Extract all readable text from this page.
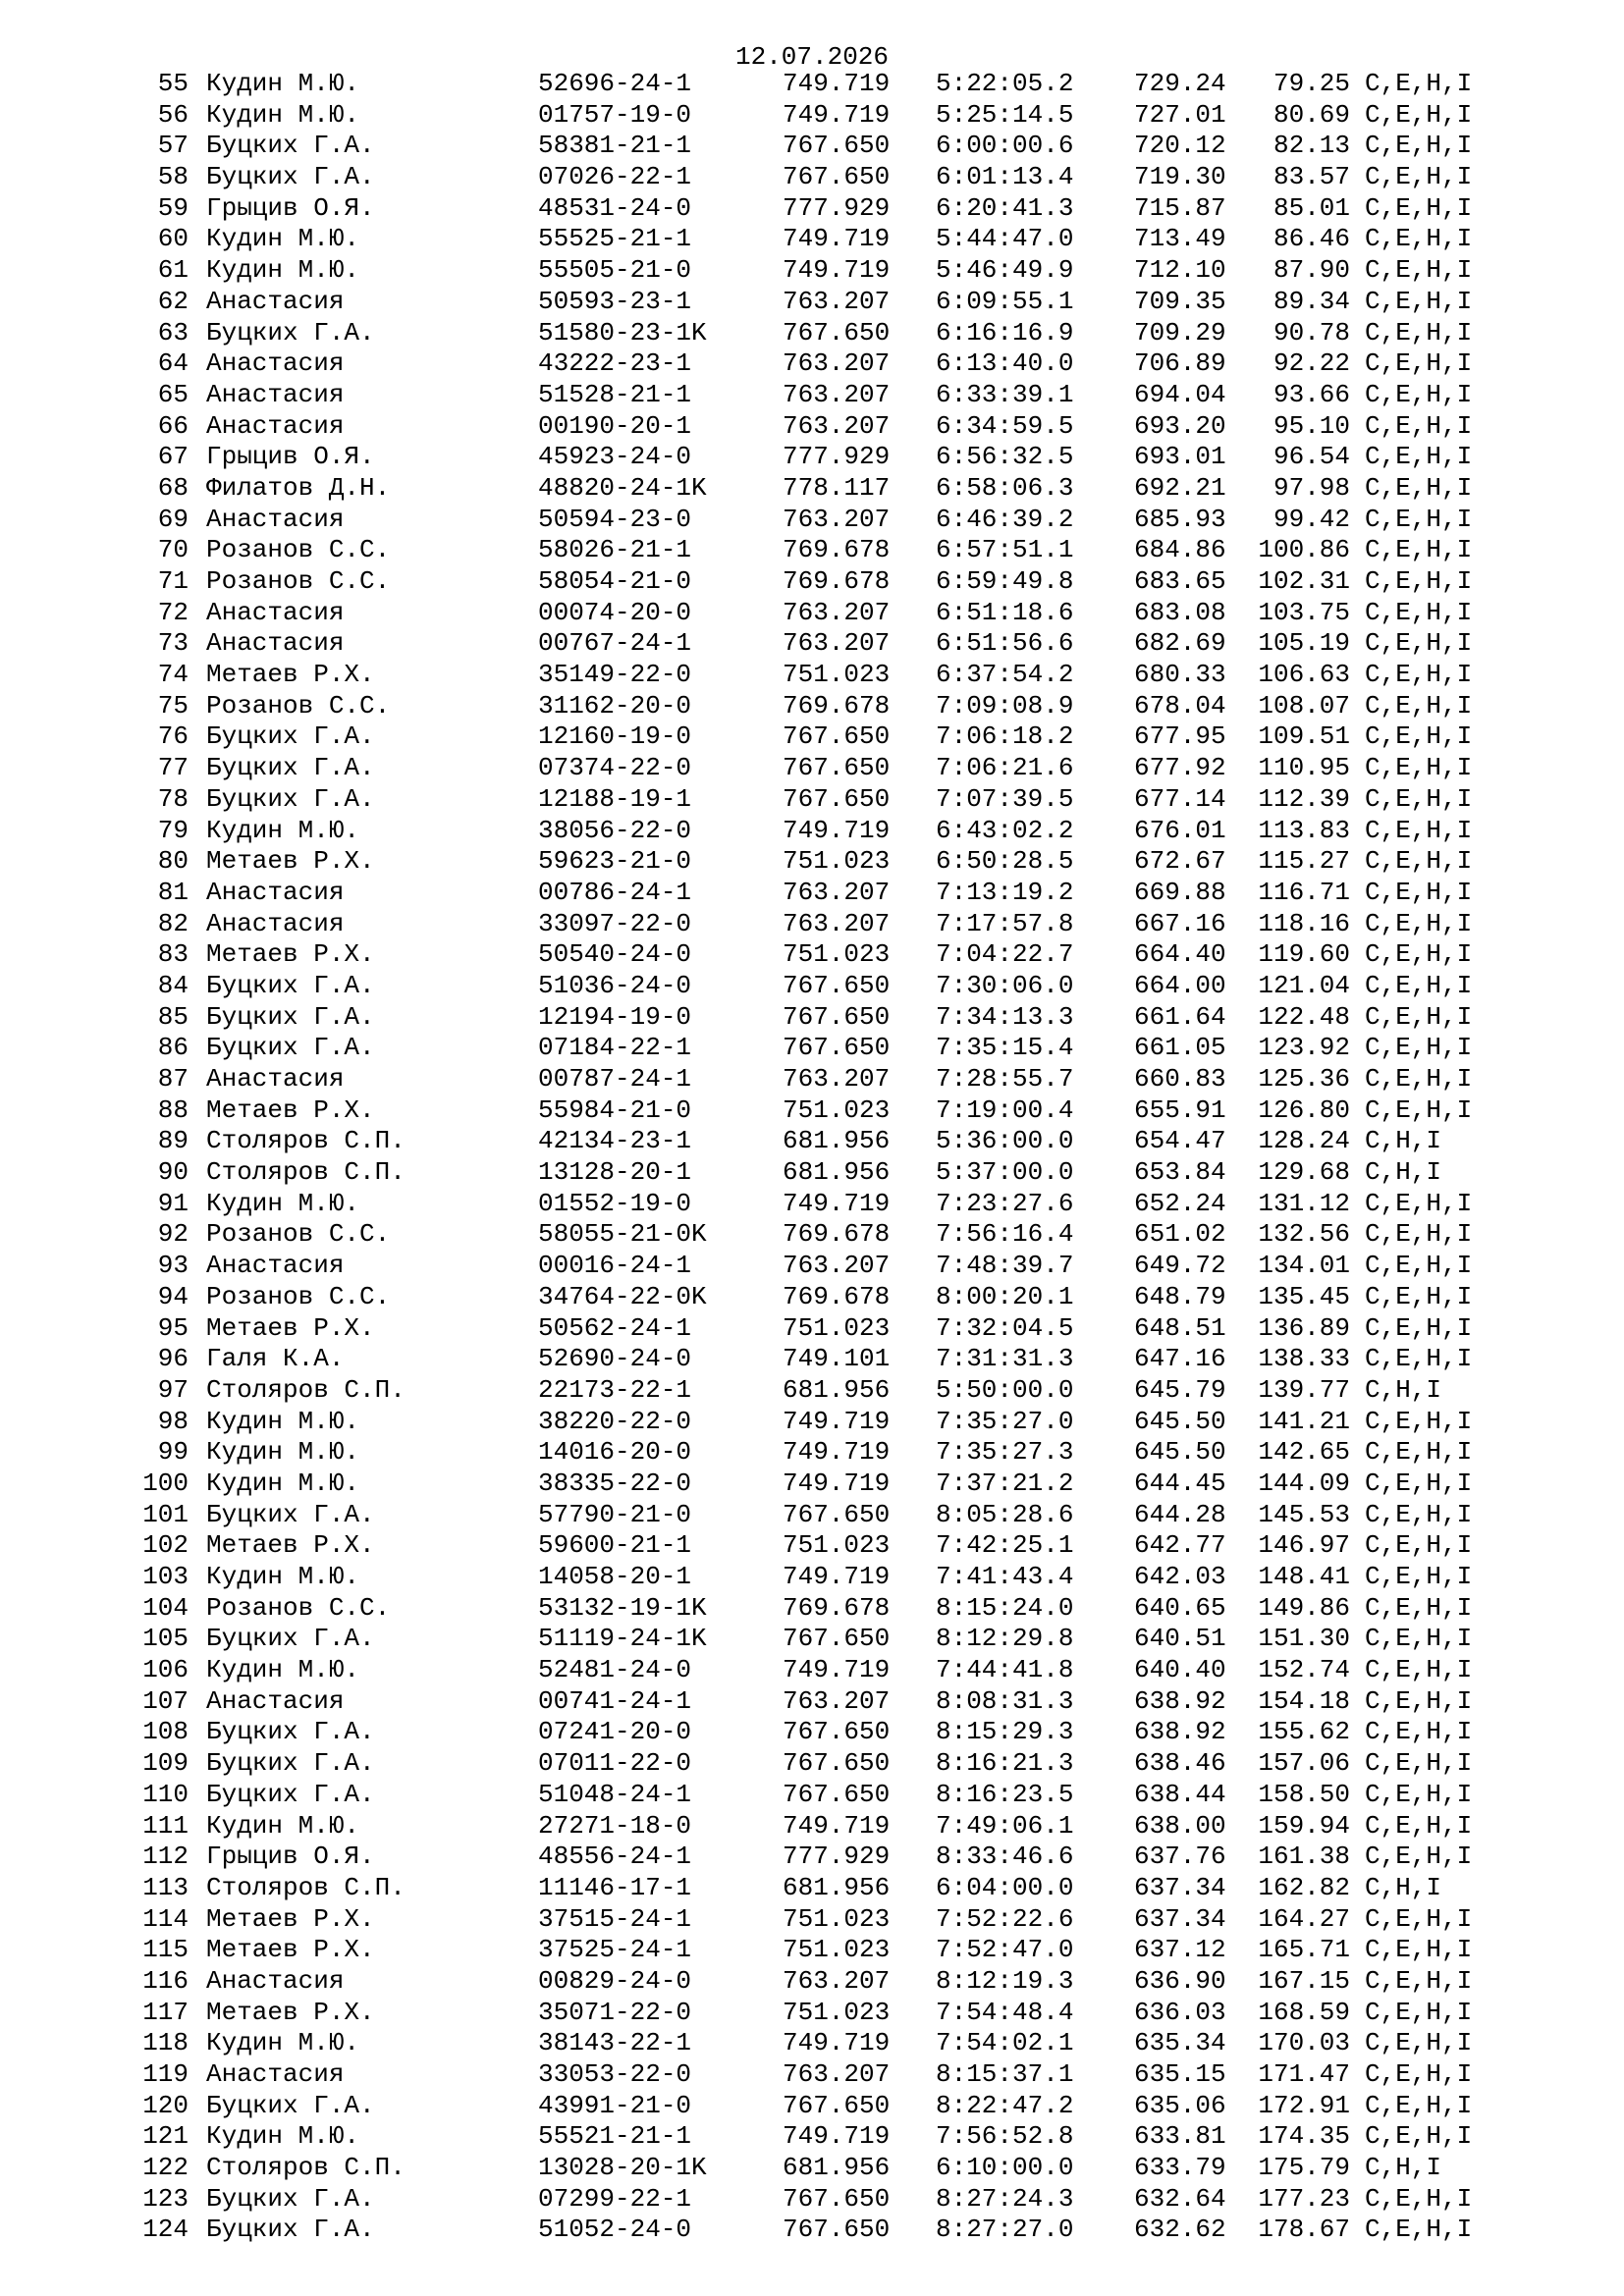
12.07.2026
55 Кудин М.Ю.	52696-24-1	749.719 5:22:05.2 729.24	79.25 C,E,H,I
56 Кудин М.Ю.	01757-19-0	749.719 5:25:14.5 727.01	80.69 C,E,H,I
57 Буцких Г.А.	58381-21-1	767.650 6:00:00.6 720.12	82.13 C,E,H,I
58 Буцких Г.А.	07026-22-1	767.650 6:01:13.4 719.30	83.57 C,E,H,I
59 Грыцив О.Я.	48531-24-0	777.929 6:20:41.3 715.87	85.01 C,E,H,I
60 Кудин М.Ю.	55525-21-1	749.719 5:44:47.0 713.49	86.46 C,E,H,I
61 Кудин М.Ю.	55505-21-0	749.719 5:46:49.9 712.10	87.90 C,E,H,I
62 Анастасия	50593-23-1	763.207 6:09:55.1 709.35	89.34 C,E,H,I
63 Буцких Г.А.	51580-23-1K	767.650 6:16:16.9 709.29	90.78 C,E,H,I
64 Анастасия	43222-23-1	763.207 6:13:40.0 706.89	92.22 C,E,H,I
65 Анастасия	51528-21-1	763.207 6:33:39.1 694.04	93.66 C,E,H,I
66 Анастасия	00190-20-1	763.207 6:34:59.5 693.20	95.10 C,E,H,I
67 Грыцив О.Я.	45923-24-0	777.929 6:56:32.5 693.01	96.54 C,E,H,I
68 Филатов Д.Н.	48820-24-1K	778.117 6:58:06.3 692.21	97.98 C,E,H,I
69 Анастасия	50594-23-0	763.207 6:46:39.2 685.93	99.42 C,E,H,I
70 Розанов С.С.	58026-21-1	769.678 6:57:51.1 684.86	100.86 C,E,H,I
71 Розанов С.С.	58054-21-0	769.678 6:59:49.8 683.65	102.31 C,E,H,I
72 Анастасия	00074-20-0	763.207 6:51:18.6 683.08	103.75 C,E,H,I
73 Анастасия	00767-24-1	763.207 6:51:56.6 682.69	105.19 C,E,H,I
74 Метаев Р.Х.	35149-22-0	751.023 6:37:54.2 680.33	106.63 C,E,H,I
75 Розанов С.С.	31162-20-0	769.678 7:09:08.9 678.04	108.07 C,E,H,I
76 Буцких Г.А.	12160-19-0	767.650 7:06:18.2 677.95	109.51 C,E,H,I
77 Буцких Г.А.	07374-22-0	767.650 7:06:21.6 677.92	110.95 C,E,H,I
78 Буцких Г.А.	12188-19-1	767.650 7:07:39.5 677.14	112.39 C,E,H,I
79 Кудин М.Ю.	38056-22-0	749.719 6:43:02.2 676.01	113.83 C,E,H,I
80 Метаев Р.Х.	59623-21-0	751.023 6:50:28.5 672.67	115.27 C,E,H,I
81 Анастасия	00786-24-1	763.207 7:13:19.2 669.88	116.71 C,E,H,I
82 Анастасия	33097-22-0	763.207 7:17:57.8 667.16	118.16 C,E,H,I
83 Метаев Р.Х.	50540-24-0	751.023 7:04:22.7 664.40	119.60 C,E,H,I
84 Буцких Г.А.	51036-24-0	767.650 7:30:06.0 664.00	121.04 C,E,H,I
85 Буцких Г.А.	12194-19-0	767.650 7:34:13.3 661.64	122.48 C,E,H,I
86 Буцких Г.А.	07184-22-1	767.650 7:35:15.4 661.05	123.92 C,E,H,I
87 Анастасия	00787-24-1	763.207 7:28:55.7 660.83	125.36 C,E,H,I
88 Метаев Р.Х.	55984-21-0	751.023 7:19:00.4 655.91	126.80 C,E,H,I
89 Столяров С.П.	42134-23-1	681.956 5:36:00.0 654.47	128.24 C,H,I
90 Столяров С.П.	13128-20-1	681.956 5:37:00.0 653.84	129.68 C,H,I
91 Кудин М.Ю.	01552-19-0	749.719 7:23:27.6 652.24	131.12 C,E,H,I
92 Розанов С.С.	58055-21-0K	769.678 7:56:16.4 651.02	132.56 C,E,H,I
93 Анастасия	00016-24-1	763.207 7:48:39.7 649.72	134.01 C,E,H,I
94 Розанов С.С.	34764-22-0K	769.678 8:00:20.1 648.79	135.45 C,E,H,I
95 Метаев Р.Х.	50562-24-1	751.023 7:32:04.5 648.51	136.89 C,E,H,I
96 Галя К.А.	52690-24-0	749.101 7:31:31.3 647.16	138.33 C,E,H,I
97 Столяров С.П.	22173-22-1	681.956 5:50:00.0 645.79	139.77 C,H,I
98 Кудин М.Ю.	38220-22-0	749.719 7:35:27.0 645.50	141.21 C,E,H,I
99 Кудин М.Ю.	14016-20-0	749.719 7:35:27.3 645.50	142.65 C,E,H,I
100 Кудин М.Ю.	38335-22-0	749.719 7:37:21.2 644.45	144.09 C,E,H,I
101 Буцких Г.А.	57790-21-0	767.650 8:05:28.6 644.28	145.53 C,E,H,I
102 Метаев Р.Х.	59600-21-1	751.023 7:42:25.1 642.77	146.97 C,E,H,I
103 Кудин М.Ю.	14058-20-1	749.719 7:41:43.4 642.03	148.41 C,E,H,I
104 Розанов С.С.	53132-19-1K	769.678 8:15:24.0 640.65	149.86 C,E,H,I
105 Буцких Г.А.	51119-24-1K	767.650 8:12:29.8 640.51	151.30 C,E,H,I
106 Кудин М.Ю.	52481-24-0	749.719 7:44:41.8 640.40	152.74 C,E,H,I
107 Анастасия	00741-24-1	763.207 8:08:31.3 638.92	154.18 C,E,H,I
108 Буцких Г.А.	07241-20-0	767.650 8:15:29.3 638.92	155.62 C,E,H,I
109 Буцких Г.А.	07011-22-0	767.650 8:16:21.3 638.46	157.06 C,E,H,I
110 Буцких Г.А.	51048-24-1	767.650 8:16:23.5 638.44	158.50 C,E,H,I
111 Кудин М.Ю.	27271-18-0	749.719 7:49:06.1 638.00	159.94 C,E,H,I
112 Грыцив О.Я.	48556-24-1	777.929 8:33:46.6 637.76	161.38 C,E,H,I
113 Столяров С.П.	11146-17-1	681.956 6:04:00.0 637.34	162.82 C,H,I
114 Метаев Р.Х.	37515-24-1	751.023 7:52:22.6 637.34	164.27 C,E,H,I
115 Метаев Р.Х.	37525-24-1	751.023 7:52:47.0 637.12	165.71 C,E,H,I
116 Анастасия	00829-24-0	763.207 8:12:19.3 636.90	167.15 C,E,H,I
117 Метаев Р.Х.	35071-22-0	751.023 7:54:48.4 636.03	168.59 C,E,H,I
118 Кудин М.Ю.	38143-22-1	749.719 7:54:02.1 635.34	170.03 C,E,H,I
119 Анастасия	33053-22-0	763.207 8:15:37.1 635.15	171.47 C,E,H,I
120 Буцких Г.А.	43991-21-0	767.650 8:22:47.2 635.06	172.91 C,E,H,I
121 Кудин М.Ю.	55521-21-1	749.719 7:56:52.8 633.81	174.35 C,E,H,I
122 Столяров С.П.	13028-20-1K	681.956 6:10:00.0 633.79	175.79 C,H,I
123 Буцких Г.А.	07299-22-1	767.650 8:27:24.3 632.64	177.23 C,E,H,I
124 Буцких Г.А.	51052-24-0	767.650 8:27:27.0 632.62	178.67 C,E,H,I
